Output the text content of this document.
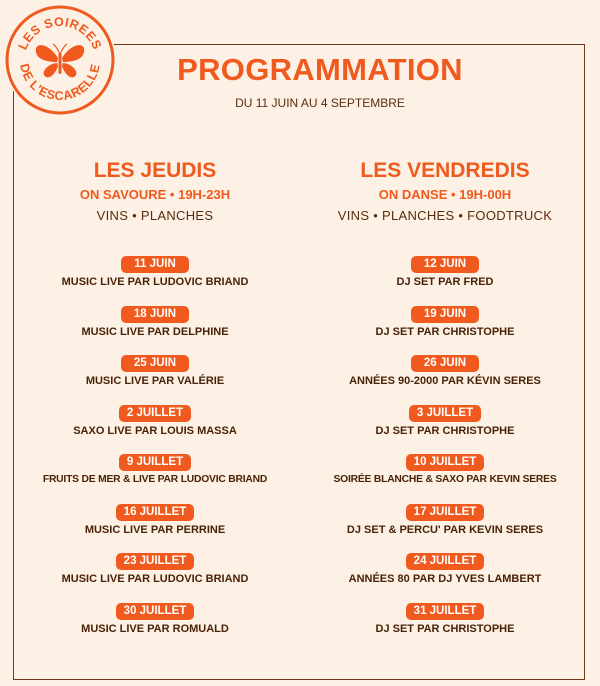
LES SOIREES
DE L'ESCARELLE	PROGRAMMATION
DU 11 JUIN AU 4 SEPTEMBRE
LES JEUDIS
ON SAVOURE • 19H-23H
VINS • PLANCHES
LES VENDREDIS
ON DANSE • 19H-00H
VINS • PLANCHES • FOODTRUCK
11 JUIN
MUSIC LIVE PAR LUDOVIC BRIAND
18 JUIN
MUSIC LIVE PAR DELPHINE
25 JUIN
MUSIC LIVE PAR VALÉRIE
2 JUILLET
SAXO LIVE PAR LOUIS MASSA
9 JUILLET
FRUITS DE MER & LIVE PAR LUDOVIC BRIAND
16 JUILLET
MUSIC LIVE PAR PERRINE
23 JUILLET
MUSIC LIVE PAR LUDOVIC BRIAND
30 JUILLET
MUSIC LIVE PAR ROMUALD
12 JUIN
DJ SET PAR FRED
19 JUIN
DJ SET PAR CHRISTOPHE
26 JUIN
ANNÉES 90-2000 PAR KÉVIN SERES
3 JUILLET
DJ SET PAR CHRISTOPHE
10 JUILLET
SOIRÉE BLANCHE & SAXO PAR KEVIN SERES
17 JUILLET
DJ SET & PERCU' PAR KEVIN SERES
24 JUILLET
ANNÉES 80 PAR DJ YVES LAMBERT
31 JUILLET
DJ SET PAR CHRISTOPHE
